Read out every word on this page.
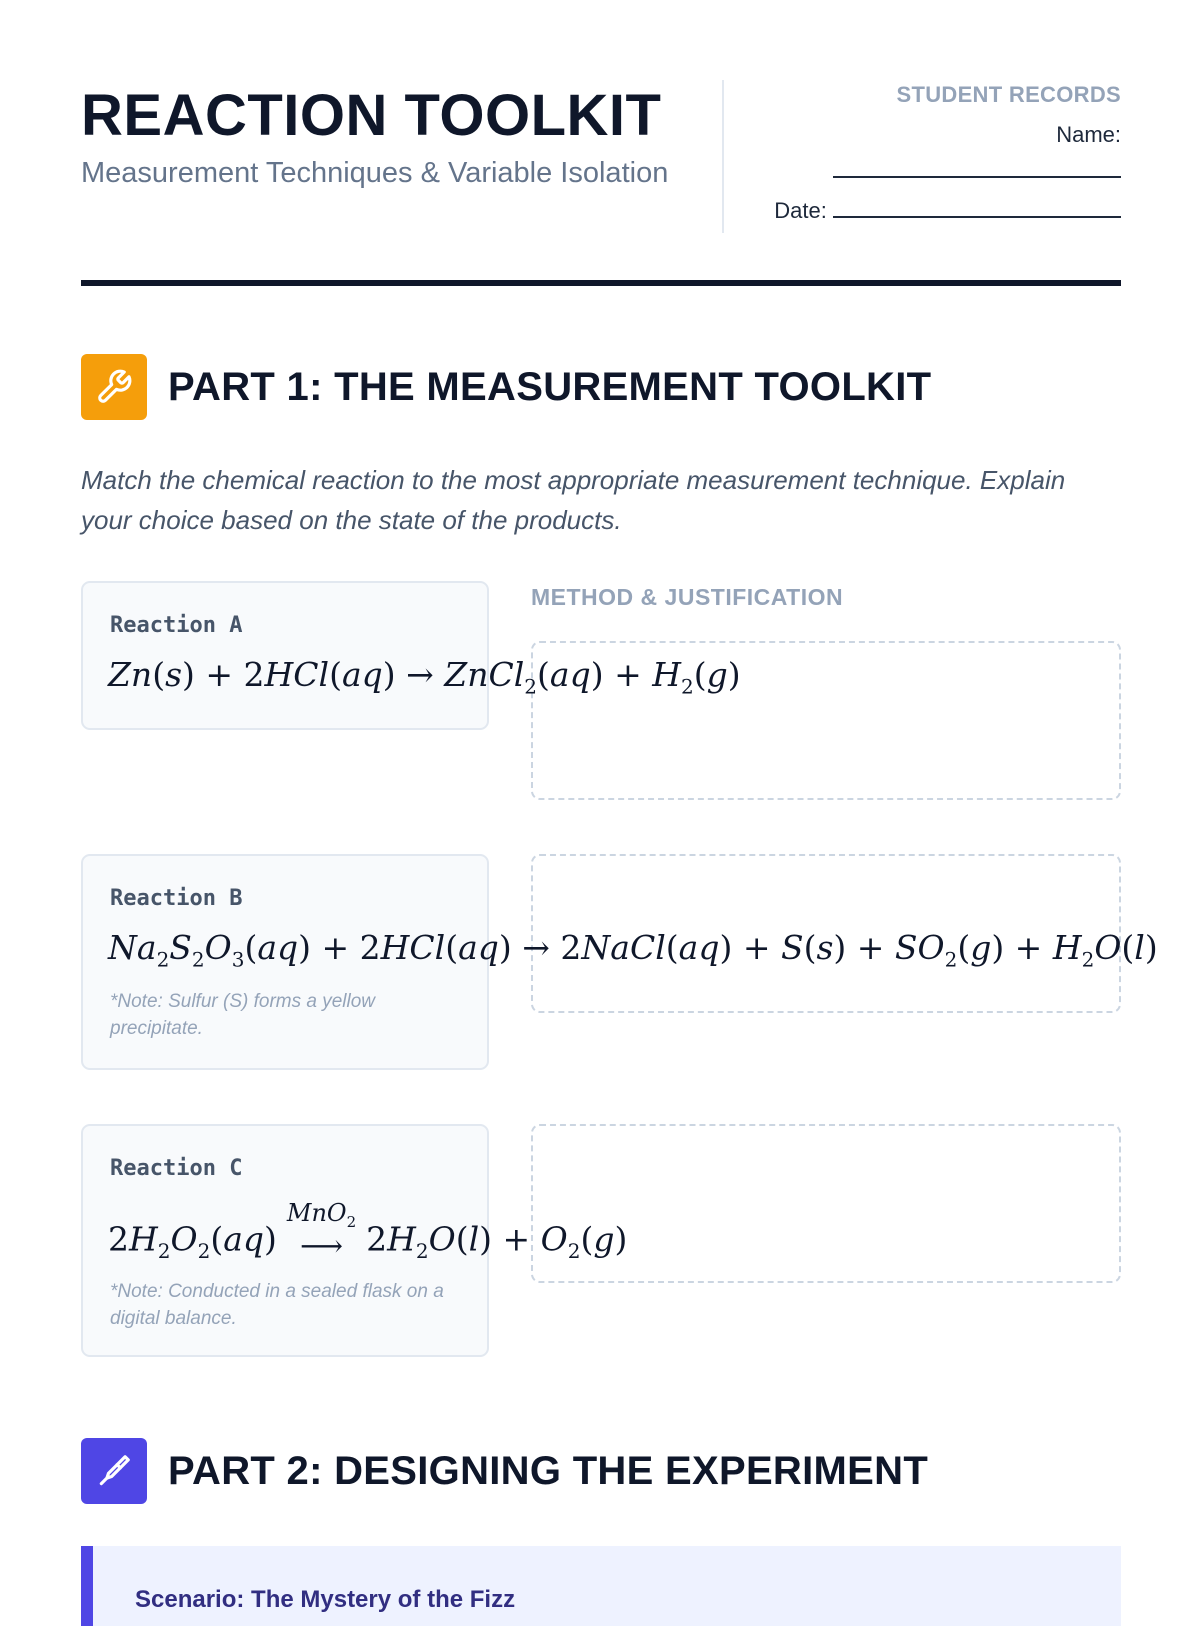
REACTION TOOLKIT
Measurement Techniques & Variable Isolation
STUDENT RECORDS
Name:
Date:
PART 1: THE MEASUREMENT TOOLKIT
Match the chemical reaction to the most appropriate measurement technique. Explain your choice based on the state of the products.
METHOD & JUSTIFICATION
Reaction A
Zn(s) + 2HCl(aq) → ZnCl$_2$(aq) + $H_2(g)$
Reaction B
*Note: Sulfur (S) forms a yellow precipitate.
$Na_2S_2O_3(aq) + 2HCl(aq)$ → 2NaCl(aq) + $S(s) + SO_2(g) + H_2O(l)$
Reaction C
*Note: Conducted in a sealed flask on a digital balance.
$2H_2O_2(aq)$
MnO$_2$
⟶ $2H_2O(l) + O_2(g)$
PART 2: DESIGNING THE EXPERIMENT
Scenario: The Mystery of the Fizz
